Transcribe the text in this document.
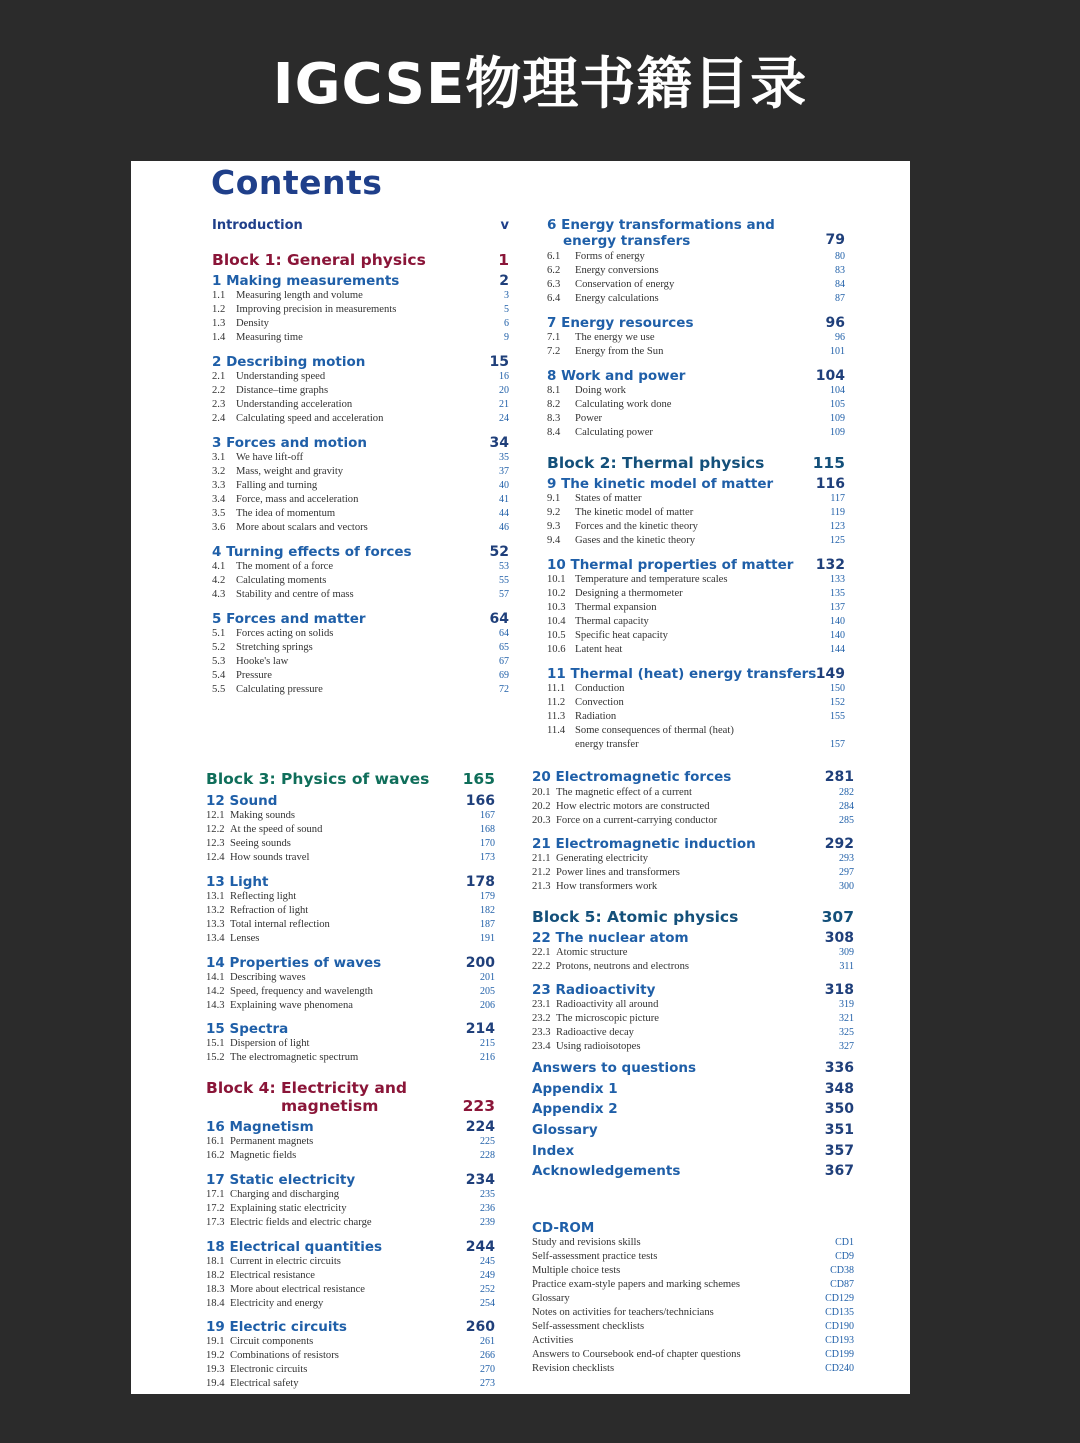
IGCSE物理书籍目录
Contents
Introduction	v
Block 1: General physics	1
1 Making measurements	2
1.1 Measuring length and volume	3
1.2 Improving precision in measurements	5
1.3 Density	6
1.4 Measuring time	9
2 Describing motion	15
2.1 Understanding speed	16
2.2 Distance–time graphs	20
2.3 Understanding acceleration	21
2.4 Calculating speed and acceleration	24
3 Forces and motion	34
3.1 We have lift-off	35
3.2 Mass, weight and gravity	37
3.3 Falling and turning	40
3.4 Force, mass and acceleration	41
3.5 The idea of momentum	44
3.6 More about scalars and vectors	46
4 Turning effects of forces	52
4.1 The moment of a force	53
4.2 Calculating moments	55
4.3 Stability and centre of mass	57
5 Forces and matter	64
5.1 Forces acting on solids	64
5.2 Stretching springs	65
5.3 Hooke's law	67
5.4 Pressure	69
5.5 Calculating pressure	72
6 Energy transformations and
energy transfers	79
6.1 Forms of energy	80
6.2 Energy conversions	83
6.3 Conservation of energy	84
6.4 Energy calculations	87
7 Energy resources	96
7.1 The energy we use	96
7.2 Energy from the Sun	101
8 Work and power	104
8.1 Doing work	104
8.2 Calculating work done	105
8.3 Power	109
8.4 Calculating power	109
Block 2: Thermal physics	115
9 The kinetic model of matter	116
9.1 States of matter	117
9.2 The kinetic model of matter	119
9.3 Forces and the kinetic theory	123
9.4 Gases and the kinetic theory	125
10 Thermal properties of matter 132
10.1 Temperature and temperature scales	133
10.2 Designing a thermometer	135
10.3 Thermal expansion	137
10.4 Thermal capacity	140
10.5 Specific heat capacity	140
10.6 Latent heat	144
11 Thermal (heat) energy transfers 149
11.1 Conduction	150
11.2 Convection	152
11.3 Radiation	155
11.4 Some consequences of thermal (heat)
energy transfer	157
Block 3: Physics of waves 165
12 Sound	166
12.1 Making sounds	167
12.2 At the speed of sound	168
12.3 Seeing sounds	170
12.4 How sounds travel	173
13 Light	178
13.1 Reflecting light	179
13.2 Refraction of light	182
13.3 Total internal reflection	187
13.4 Lenses	191
14 Properties of waves	200
14.1 Describing waves	201
14.2 Speed, frequency and wavelength	205
14.3 Explaining wave phenomena	206
15 Spectra	214
15.1 Dispersion of light	215
15.2 The electromagnetic spectrum	216
Block 4: Electricity and
magnetism	223
16 Magnetism	224
16.1 Permanent magnets	225
16.2 Magnetic fields	228
17 Static electricity	234
17.1 Charging and discharging	235
17.2 Explaining static electricity	236
17.3 Electric fields and electric charge	239
18 Electrical quantities	244
18.1 Current in electric circuits	245
18.2 Electrical resistance	249
18.3 More about electrical resistance	252
18.4 Electricity and energy	254
19 Electric circuits	260
19.1 Circuit components	261
19.2 Combinations of resistors	266
19.3 Electronic circuits	270
19.4 Electrical safety	273
20 Electromagnetic forces	281
20.1 The magnetic effect of a current	282
20.2 How electric motors are constructed	284
20.3 Force on a current-carrying conductor	285
21 Electromagnetic induction	292
21.1 Generating electricity	293
21.2 Power lines and transformers	297
21.3 How transformers work	300
Block 5: Atomic physics	307
22 The nuclear atom	308
22.1 Atomic structure	309
22.2 Protons, neutrons and electrons	311
23 Radioactivity	318
23.1 Radioactivity all around	319
23.2 The microscopic picture	321
23.3 Radioactive decay	325
23.4 Using radioisotopes	327
Answers to questions	336
Appendix 1	348
Appendix 2	350
Glossary	351
Index	357
Acknowledgements	367
CD-ROM
Study and revisions skills	CD1
Self-assessment practice tests	CD9
Multiple choice tests	CD38
Practice exam-style papers and marking schemes	CD87
Glossary	CD129
Notes on activities for teachers/technicians	CD135
Self-assessment checklists	CD190
Activities	CD193
Answers to Coursebook end-of chapter questions	CD199
Revision checklists	CD240
